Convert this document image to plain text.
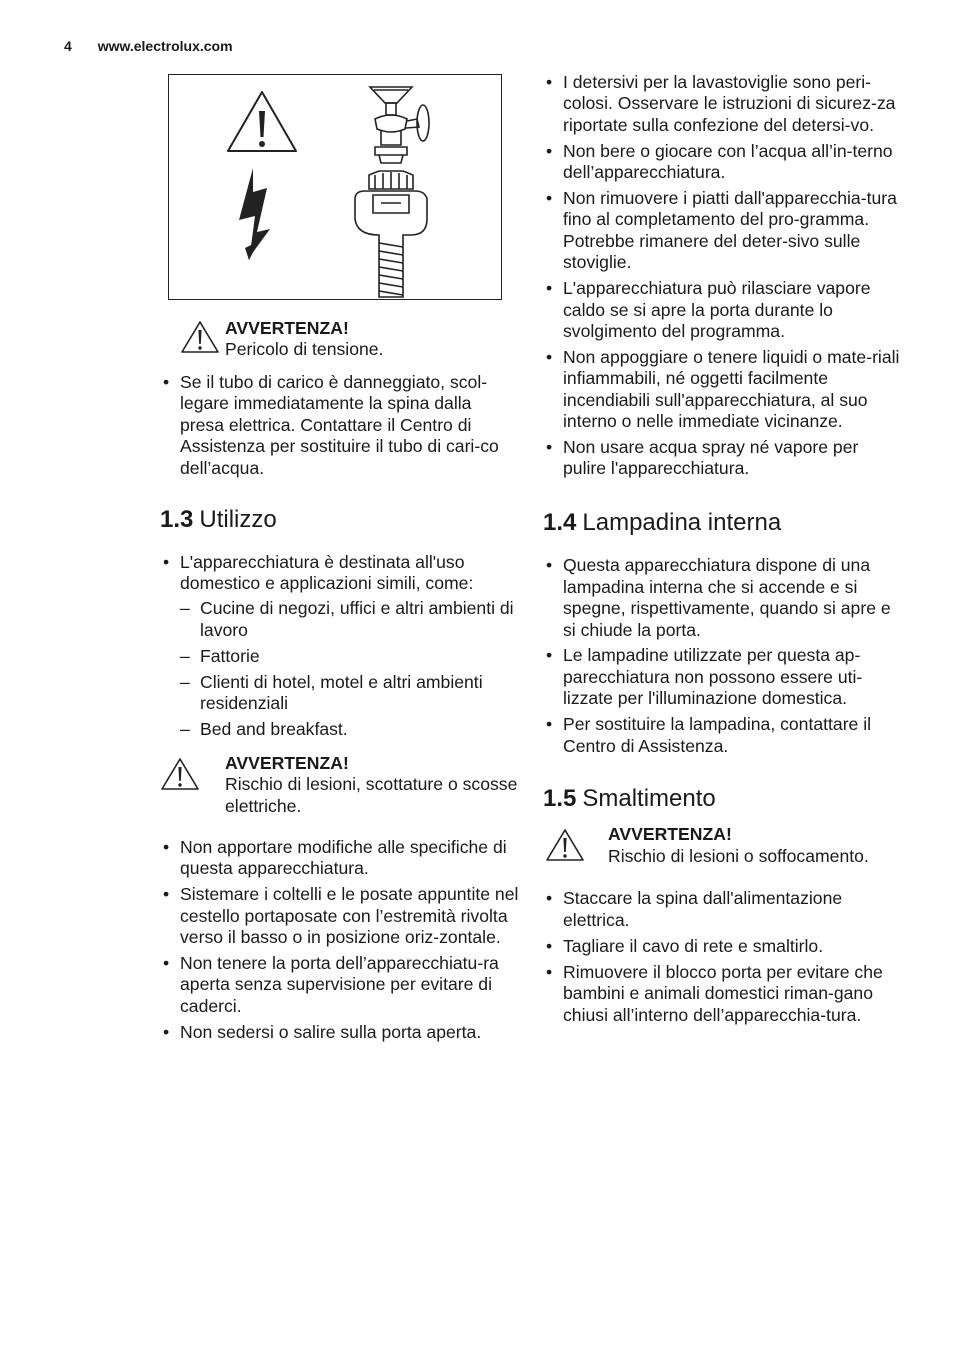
4 www.electrolux.com
AVVERTENZA!
Pericolo di tensione.
• Se il tubo di carico è danneggiato, scol-legare immediatamente la spina dalla presa elettrica. Contattare il Centro di Assistenza per sostituire il tubo di cari-co dell’acqua.
1.3 Utilizzo
• L'apparecchiatura è destinata all'uso domestico e applicazioni simili, come:
– Cucine di negozi, uffici e altri ambienti di lavoro
– Fattorie
– Clienti di hotel, motel e altri ambienti residenziali
– Bed and breakfast.
AVVERTENZA!
Rischio di lesioni, scottature o scosse elettriche.
• Non apportare modifiche alle specifiche di questa apparecchiatura.
• Sistemare i coltelli e le posate appuntite nel cestello portaposate con l’estremità rivolta verso il basso o in posizione oriz-zontale.
• Non tenere la porta dell’apparecchiatu-ra aperta senza supervisione per evitare di caderci.
• Non sedersi o salire sulla porta aperta.
• I detersivi per la lavastoviglie sono peri-colosi. Osservare le istruzioni di sicurez-za riportate sulla confezione del detersi-vo.
• Non bere o giocare con l’acqua all’in-terno dell’apparecchiatura.
• Non rimuovere i piatti dall'apparecchia-tura fino al completamento del pro-gramma. Potrebbe rimanere del deter-sivo sulle stoviglie.
• L'apparecchiatura può rilasciare vapore caldo se si apre la porta durante lo svolgimento del programma.
• Non appoggiare o tenere liquidi o mate-riali infiammabili, né oggetti facilmente incendiabili sull'apparecchiatura, al suo interno o nelle immediate vicinanze.
• Non usare acqua spray né vapore per pulire l'apparecchiatura.
1.4 Lampadina interna
• Questa apparecchiatura dispone di una lampadina interna che si accende e si spegne, rispettivamente, quando si apre e si chiude la porta.
• Le lampadine utilizzate per questa ap-parecchiatura non possono essere uti-lizzate per l'illuminazione domestica.
• Per sostituire la lampadina, contattare il Centro di Assistenza.
1.5 Smaltimento
AVVERTENZA!
Rischio di lesioni o soffocamento.
• Staccare la spina dall'alimentazione elettrica.
• Tagliare il cavo di rete e smaltirlo.
• Rimuovere il blocco porta per evitare che bambini e animali domestici riman-gano chiusi all’interno dell’apparecchia-tura.
